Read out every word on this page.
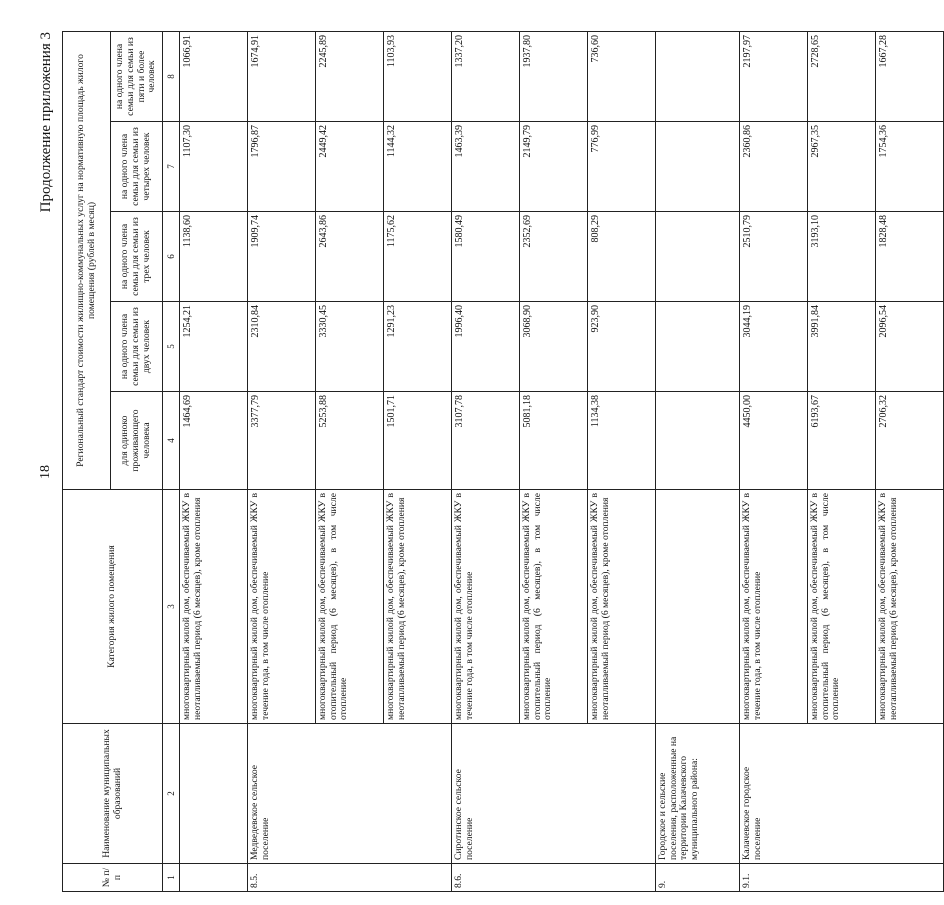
18
Продолжение приложения 3
№ п/п	Наименование муниципальных образований	Категория жилого помещения	Региональный стандарт стоимости жилищно-коммунальных услуг на нормативную площадь жилого помещения (рублей в месяц)				
			для одиноко проживающего человека	на одного члена семьи для семьи из двух человек	на одного члена семьи для семьи из трех человек	на одного члена семьи для семьи из четырех человек	на одного члена семьи для семьи из пяти и более человек
1	2	3	4	5	6	7	8
		многоквартирный жилой дом, обеспечиваемый ЖКУ в неотапливаемый период (6 месяцев), кроме отопления	1464,69	1254,21	1138,60	1107,30	1066,91
8.5.	Медведевское сельское поселение	многоквартирный жилой дом, обеспечиваемый ЖКУ в течение года, в том числе отопление	3377,79	2310,84	1909,74	1796,87	1674,91
		многоквартирный жилой дом, обеспечиваемый ЖКУ в отопительный период (6 месяцев), в том числе отопление	5253,88	3330,45	2643,86	2449,42	2245,89
		многоквартирный жилой дом, обеспечиваемый ЖКУ в неотапливаемый период (6 месяцев), кроме отопления	1501,71	1291,23	1175,62	1144,32	1103,93
8.6.	Сиротинское сельское поселение	многоквартирный жилой дом, обеспечиваемый ЖКУ в течение года, в том числе отопление	3107,78	1996,40	1580,49	1463,39	1337,20
		многоквартирный жилой дом, обеспечиваемый ЖКУ в отопительный период (6 месяцев), в том числе отопление	5081,18	3068,90	2352,69	2149,79	1937,80
		многоквартирный жилой дом, обеспечиваемый ЖКУ в неотапливаемый период (6 месяцев), кроме отопления	1134,38	923,90	808,29	776,99	736,60
9.	Городское и сельские поселения, расположенные на территории Калачевского муниципального района:						
9.1.	Калачевское городское поселение	многоквартирный жилой дом, обеспечиваемый ЖКУ в течение года, в том числе отопление	4450,00	3044,19	2510,79	2360,86	2197,97
		многоквартирный жилой дом, обеспечиваемый ЖКУ в отопительный период (6 месяцев), в том числе отопление	6193,67	3991,84	3193,10	2967,35	2728,65
		многоквартирный жилой дом, обеспечиваемый ЖКУ в неотапливаемый период (6 месяцев), кроме отопления	2706,32	2096,54	1828,48	1754,36	1667,28
